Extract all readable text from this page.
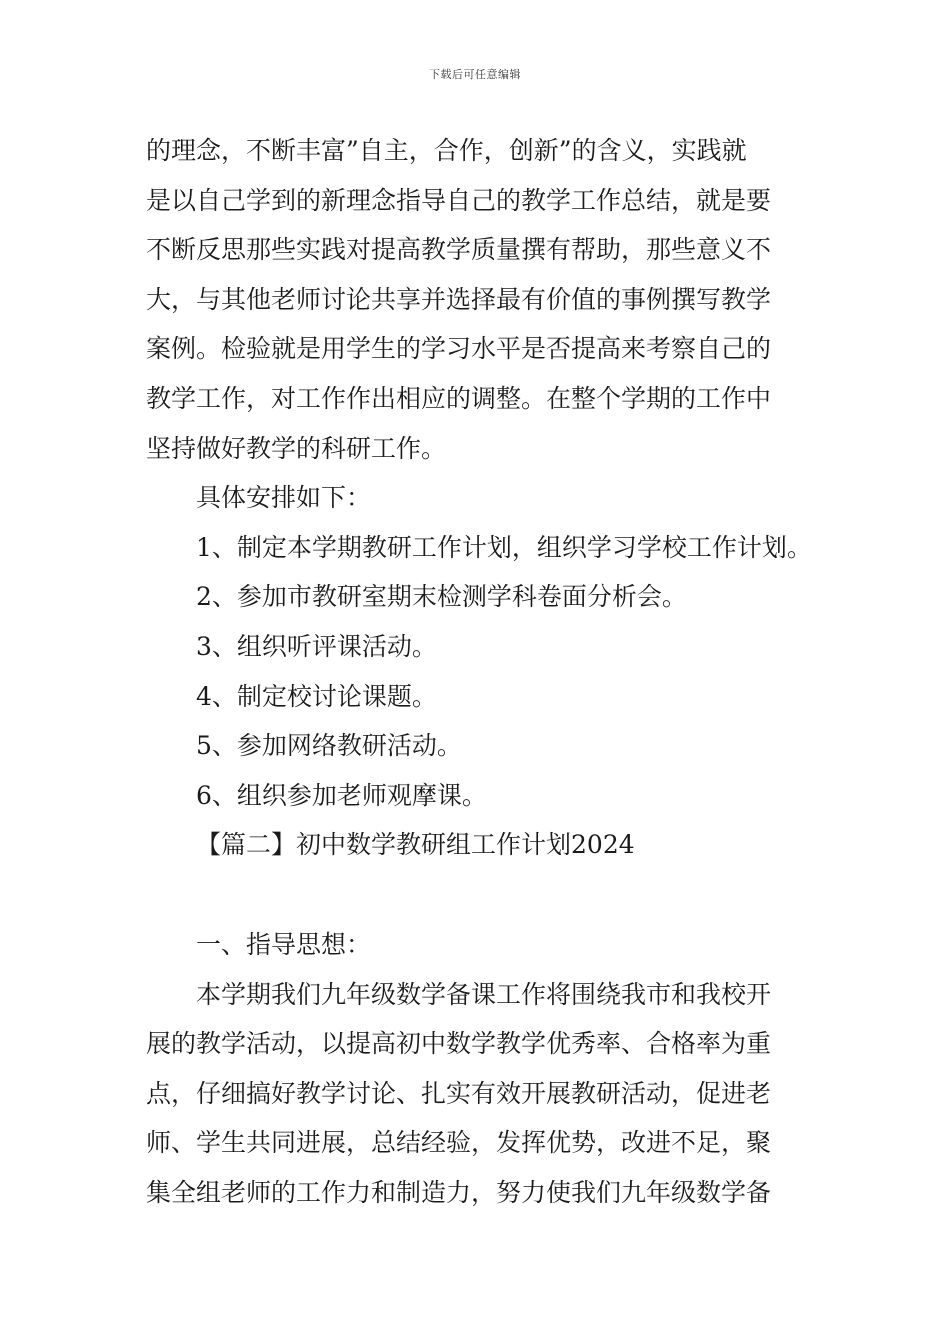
下载后可任意编辑

的理念，不断丰富”自主，合作，创新”的含义，实践就

是以自己学到的新理念指导自己的教学工作总结，就是要

不断反思那些实践对提高教学质量撰有帮助，那些意义不

大，与其他老师讨论共享并选择最有价值的事例撰写教学

案例。检验就是用学生的学习水平是否提高来考察自己的

教学工作，对工作作出相应的调整。在整个学期的工作中

坚持做好教学的科研工作。

具体安排如下：

1、制定本学期教研工作计划，组织学习学校工作计划。

2、参加市教研室期末检测学科卷面分析会。

3、组织听评课活动。

4、制定校讨论课题。

5、参加网络教研活动。

6、组织参加老师观摩课。

【篇二】初中数学教研组工作计划2024

一、指导思想：

本学期我们九年级数学备课工作将围绕我市和我校开

展的教学活动，以提高初中数学教学优秀率、合格率为重

点，仔细搞好教学讨论、扎实有效开展教研活动，促进老

师、学生共同进展，总结经验，发挥优势，改进不足，聚

集全组老师的工作力和制造力，努力使我们九年级数学备
